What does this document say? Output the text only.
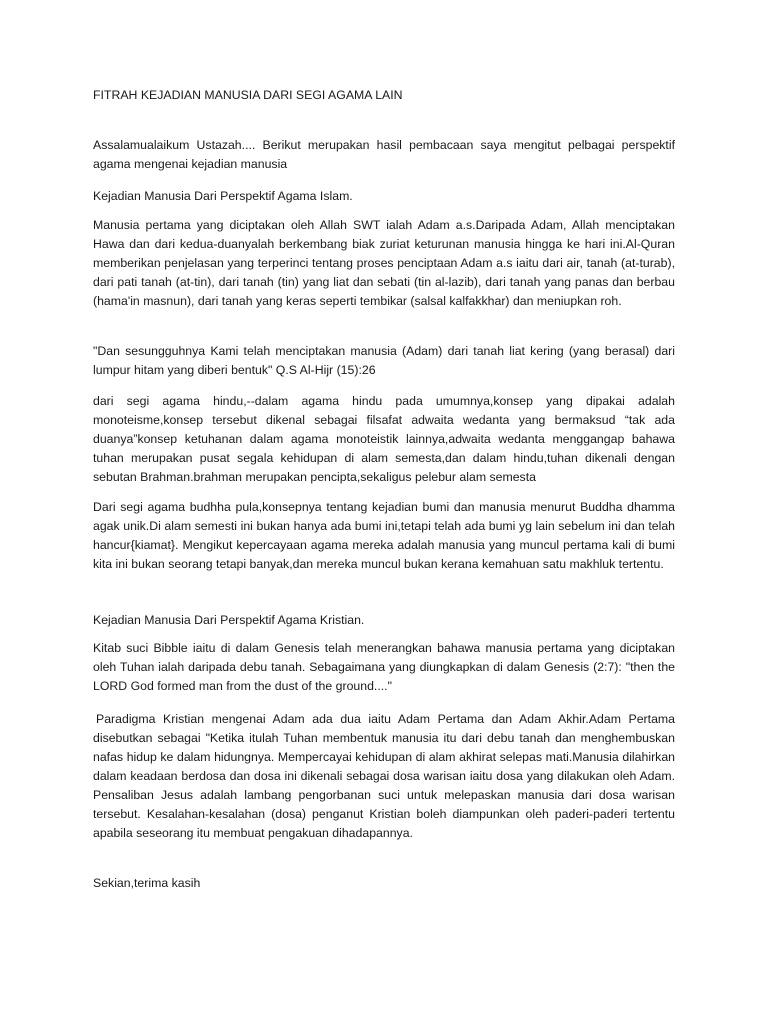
FITRAH KEJADIAN MANUSIA DARI SEGI AGAMA LAIN

Assalamualaikum Ustazah.... Berikut merupakan hasil pembacaan saya mengitut pelbagai perspektif agama mengenai kejadian manusia

Kejadian Manusia Dari Perspektif Agama Islam.

Manusia pertama yang diciptakan oleh Allah SWT ialah Adam a.s.Daripada Adam, Allah menciptakan Hawa dan dari kedua-duanyalah berkembang biak zuriat keturunan manusia hingga ke hari ini.Al-Quran memberikan penjelasan yang terperinci tentang proses penciptaan Adam a.s iaitu dari air, tanah (at-turab), dari pati tanah (at-tin), dari tanah (tin) yang liat dan sebati (tin al-lazib), dari tanah yang panas dan berbau (hama'in masnun), dari tanah yang keras seperti tembikar (salsal kalfakkhar) dan meniupkan roh.

"Dan sesungguhnya Kami telah menciptakan manusia (Adam) dari tanah liat kering (yang berasal) dari lumpur hitam yang diberi bentuk" Q.S Al-Hijr (15):26

dari segi agama hindu,--dalam agama hindu pada umumnya,konsep yang dipakai adalah monoteisme,konsep tersebut dikenal sebagai filsafat adwaita wedanta yang bermaksud “tak ada duanya”konsep ketuhanan dalam agama monoteistik lainnya,adwaita wedanta menggangap bahawa tuhan merupakan pusat segala kehidupan di alam semesta,dan dalam hindu,tuhan dikenali dengan sebutan Brahman.brahman merupakan pencipta,sekaligus pelebur alam semesta

Dari segi agama budhha pula,konsepnya tentang kejadian bumi dan manusia menurut Buddha dhamma agak unik.Di alam semesti ini bukan hanya ada bumi ini,tetapi telah ada bumi yg lain sebelum ini dan telah hancur{kiamat}. Mengikut kepercayaan agama mereka adalah manusia yang muncul pertama kali di bumi kita ini bukan seorang tetapi banyak,dan mereka muncul bukan kerana kemahuan satu makhluk tertentu.

Kejadian Manusia Dari Perspektif Agama Kristian.

Kitab suci Bibble iaitu di dalam Genesis telah menerangkan bahawa manusia pertama yang diciptakan oleh Tuhan ialah daripada debu tanah. Sebagaimana yang diungkapkan di dalam Genesis (2:7): "then the LORD God formed man from the dust of the ground...."

Paradigma Kristian mengenai Adam ada dua iaitu Adam Pertama dan Adam Akhir.Adam Pertama disebutkan sebagai "Ketika itulah Tuhan membentuk manusia itu dari debu tanah dan menghembuskan nafas hidup ke dalam hidungnya. Mempercayai kehidupan di alam akhirat selepas mati.Manusia dilahirkan dalam keadaan berdosa dan dosa ini dikenali sebagai dosa warisan iaitu dosa yang dilakukan oleh Adam. Pensaliban Jesus adalah lambang pengorbanan suci untuk melepaskan manusia dari dosa warisan tersebut. Kesalahan-kesalahan (dosa) penganut Kristian boleh diampunkan oleh paderi-paderi tertentu apabila seseorang itu membuat pengakuan dihadapannya.

Sekian,terima kasih
